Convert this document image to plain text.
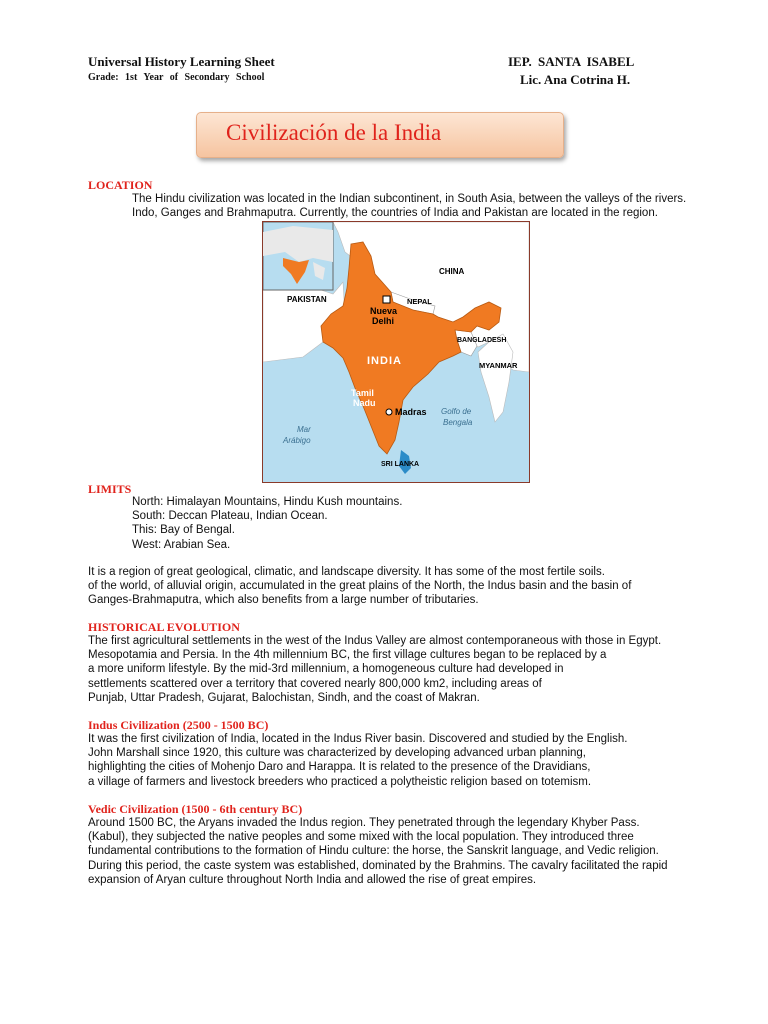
Universal History Learning Sheet
Grade: 1st Year of Secondary School
IEP. SANTA ISABEL
Lic. Ana Cotrina H.
Civilización de la India
LOCATION
The Hindu civilization was located in the Indian subcontinent, in South Asia, between the valleys of the rivers.
Indo, Ganges and Brahmaputra. Currently, the countries of India and Pakistan are located in the region.
PAKISTAN
CHINA
NEPAL
Nueva
Delhi
INDIA
BANGLADESH
MYANMAR
Tamil
Nadu
Madras Golfo de
Bengala
Mar
Arábigo
SRI LANKA
LIMITS
North: Himalayan Mountains, Hindu Kush mountains.
South: Deccan Plateau, Indian Ocean.
This: Bay of Bengal.
West: Arabian Sea.
It is a region of great geological, climatic, and landscape diversity. It has some of the most fertile soils.
of the world, of alluvial origin, accumulated in the great plains of the North, the Indus basin and the basin of
Ganges-Brahmaputra, which also benefits from a large number of tributaries.
HISTORICAL EVOLUTION
The first agricultural settlements in the west of the Indus Valley are almost contemporaneous with those in Egypt.
Mesopotamia and Persia. In the 4th millennium BC, the first village cultures began to be replaced by a
a more uniform lifestyle. By the mid-3rd millennium, a homogeneous culture had developed in
settlements scattered over a territory that covered nearly 800,000 km2, including areas of
Punjab, Uttar Pradesh, Gujarat, Balochistan, Sindh, and the coast of Makran.
Indus Civilization (2500 - 1500 BC)
It was the first civilization of India, located in the Indus River basin. Discovered and studied by the English.
John Marshall since 1920, this culture was characterized by developing advanced urban planning,
highlighting the cities of Mohenjo Daro and Harappa. It is related to the presence of the Dravidians,
a village of farmers and livestock breeders who practiced a polytheistic religion based on totemism.
Vedic Civilization (1500 - 6th century BC)
Around 1500 BC, the Aryans invaded the Indus region. They penetrated through the legendary Khyber Pass.
(Kabul), they subjected the native peoples and some mixed with the local population. They introduced three
fundamental contributions to the formation of Hindu culture: the horse, the Sanskrit language, and Vedic religion.
During this period, the caste system was established, dominated by the Brahmins. The cavalry facilitated the rapid
expansion of Aryan culture throughout North India and allowed the rise of great empires.
